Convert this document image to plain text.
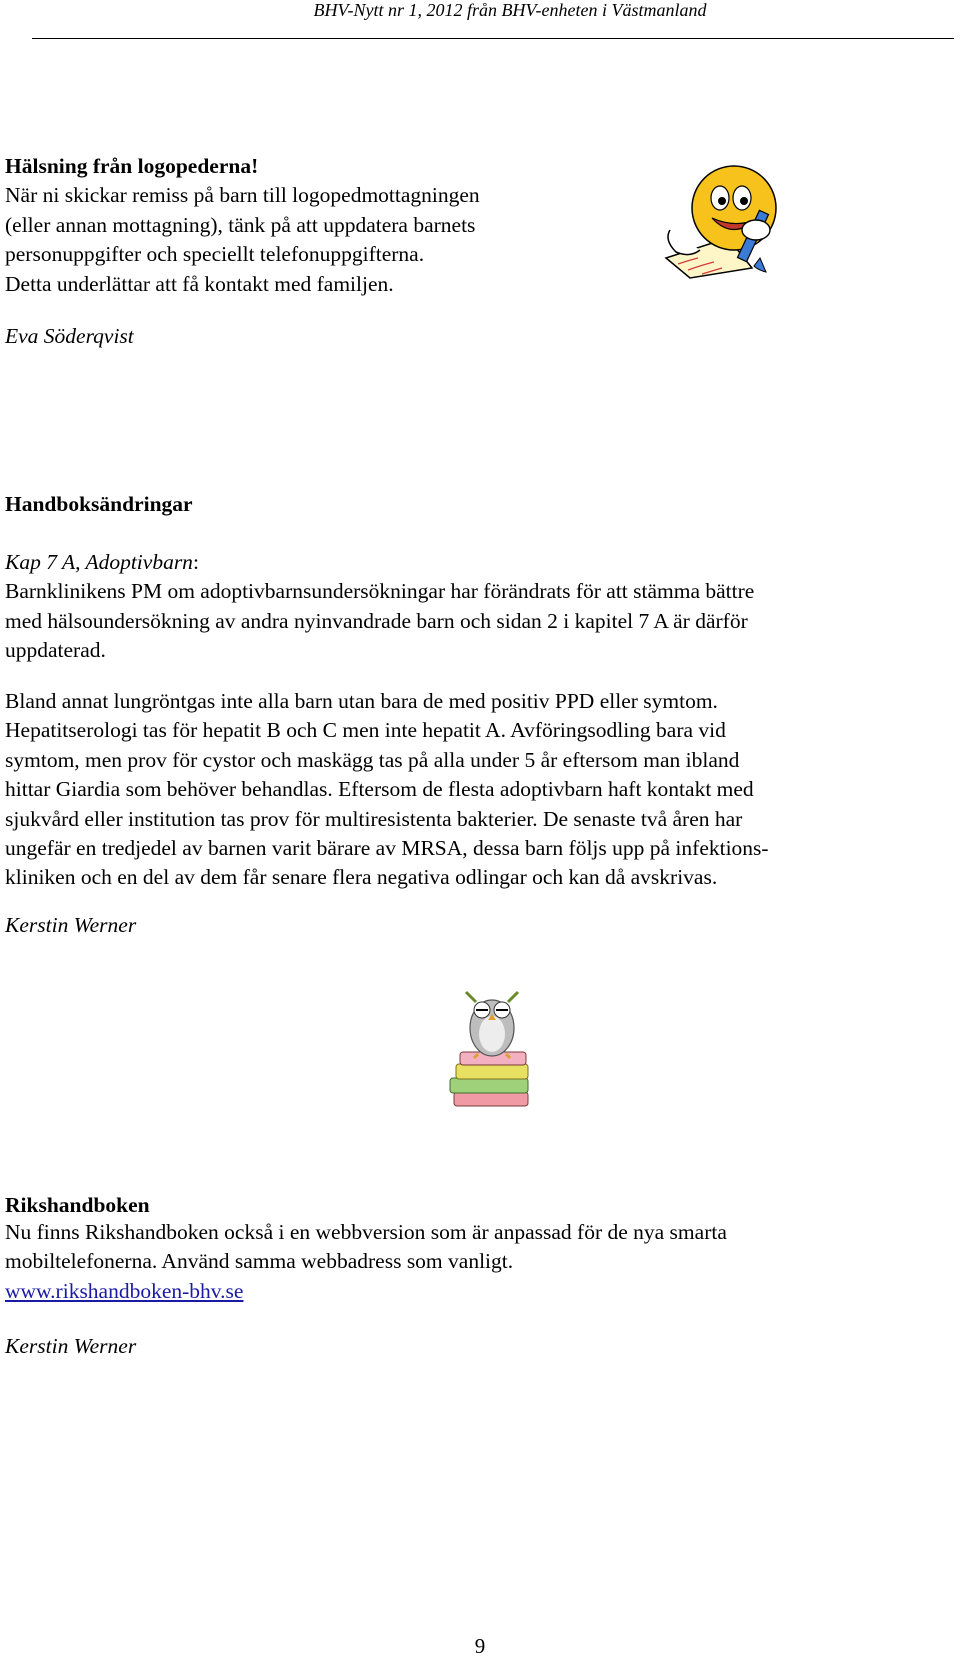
BHV-Nytt nr 1, 2012 från BHV-enheten i Västmanland

Hälsning från logopederna!

När ni skickar remiss på barn till logopedmottagningen

(eller annan mottagning), tänk på att uppdatera barnets

personuppgifter och speciellt telefonuppgifterna.

Detta underlättar att få kontakt med familjen.

Eva Söderqvist
Handboksändringar

Kap 7 A, Adoptivbarn:

Barnklinikens PM om adoptivbarnsundersökningar har förändrats för att stämma bättre

med hälsoundersökning av andra nyinvandrade barn och sidan 2 i kapitel 7 A är därför

uppdaterad.

Bland annat lungröntgas inte alla barn utan bara de med positiv PPD eller symtom.

Hepatitserologi tas för hepatit B och C men inte hepatit A. Avföringsodling bara vid

symtom, men prov för cystor och maskägg tas på alla under 5 år eftersom man ibland

hittar Giardia som behöver behandlas. Eftersom de flesta adoptivbarn haft kontakt med

sjukvård eller institution tas prov för multiresistenta bakterier. De senaste två åren har

ungefär en tredjedel av barnen varit bärare av MRSA, dessa barn följs upp på infektions-

kliniken och en del av dem får senare flera negativa odlingar och kan då avskrivas.

Kerstin Werner
Rikshandboken

Nu finns Rikshandboken också i en webbversion som är anpassad för de nya smarta

mobiltelefonerna. Använd samma webbadress som vanligt.

www.rikshandboken-bhv.se

Kerstin Werner
9
